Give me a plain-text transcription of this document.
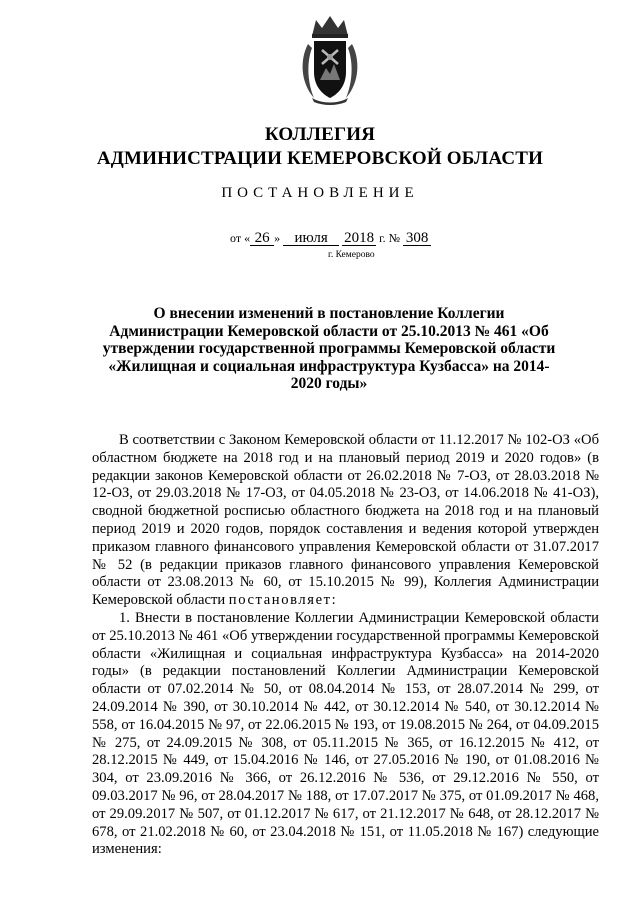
КОЛЛЕГИЯ
АДМИНИСТРАЦИИ КЕМЕРОВСКОЙ ОБЛАСТИ
ПОСТАНОВЛЕНИЕ
от « 26 » июля 2018 г. № 308
г. Кемерово
О внесении изменений в постановление Коллегии Администрации Кемеровской области от 25.10.2013 № 461 «Об утверждении государственной программы Кемеровской области «Жилищная и социальная инфраструктура Кузбасса» на 2014-2020 годы»

В соответствии с Законом Кемеровской области от 11.12.2017 № 102-ОЗ «Об областном бюджете на 2018 год и на плановый период 2019 и 2020 годов» (в редакции законов Кемеровской области от 26.02.2018 № 7-ОЗ, от 28.03.2018 № 12-ОЗ, от 29.03.2018 № 17-ОЗ, от 04.05.2018 № 23-ОЗ, от 14.06.2018 № 41-ОЗ), сводной бюджетной росписью областного бюджета на 2018 год и на плановый период 2019 и 2020 годов, порядок составления и ведения которой утвержден приказом главного финансового управления Кемеровской области от 31.07.2017 № 52 (в редакции приказов главного финансового управления Кемеровской области от 23.08.2013 № 60, от 15.10.2015 № 99), Коллегия Администрации Кемеровской области постановляет:

1. Внести в постановление Коллегии Администрации Кемеровской области от 25.10.2013 № 461 «Об утверждении государственной программы Кемеровской области «Жилищная и социальная инфраструктура Кузбасса» на 2014-2020 годы» (в редакции постановлений Коллегии Администрации Кемеровской области от 07.02.2014 № 50, от 08.04.2014 № 153, от 28.07.2014 № 299, от 24.09.2014 № 390, от 30.10.2014 № 442, от 30.12.2014 № 540, от 30.12.2014 № 558, от 16.04.2015 № 97, от 22.06.2015 № 193, от 19.08.2015 № 264, от 04.09.2015 № 275, от 24.09.2015 № 308, от 05.11.2015 № 365, от 16.12.2015 № 412, от 28.12.2015 № 449, от 15.04.2016 № 146, от 27.05.2016 № 190, от 01.08.2016 № 304, от 23.09.2016 № 366, от 26.12.2016 № 536, от 29.12.2016 № 550, от 09.03.2017 № 96, от 28.04.2017 № 188, от 17.07.2017 № 375, от 01.09.2017 № 468, от 29.09.2017 № 507, от 01.12.2017 № 617, от 21.12.2017 № 648, от 28.12.2017 № 678, от 21.02.2018 № 60, от 23.04.2018 № 151, от 11.05.2018 № 167) следующие изменения:
